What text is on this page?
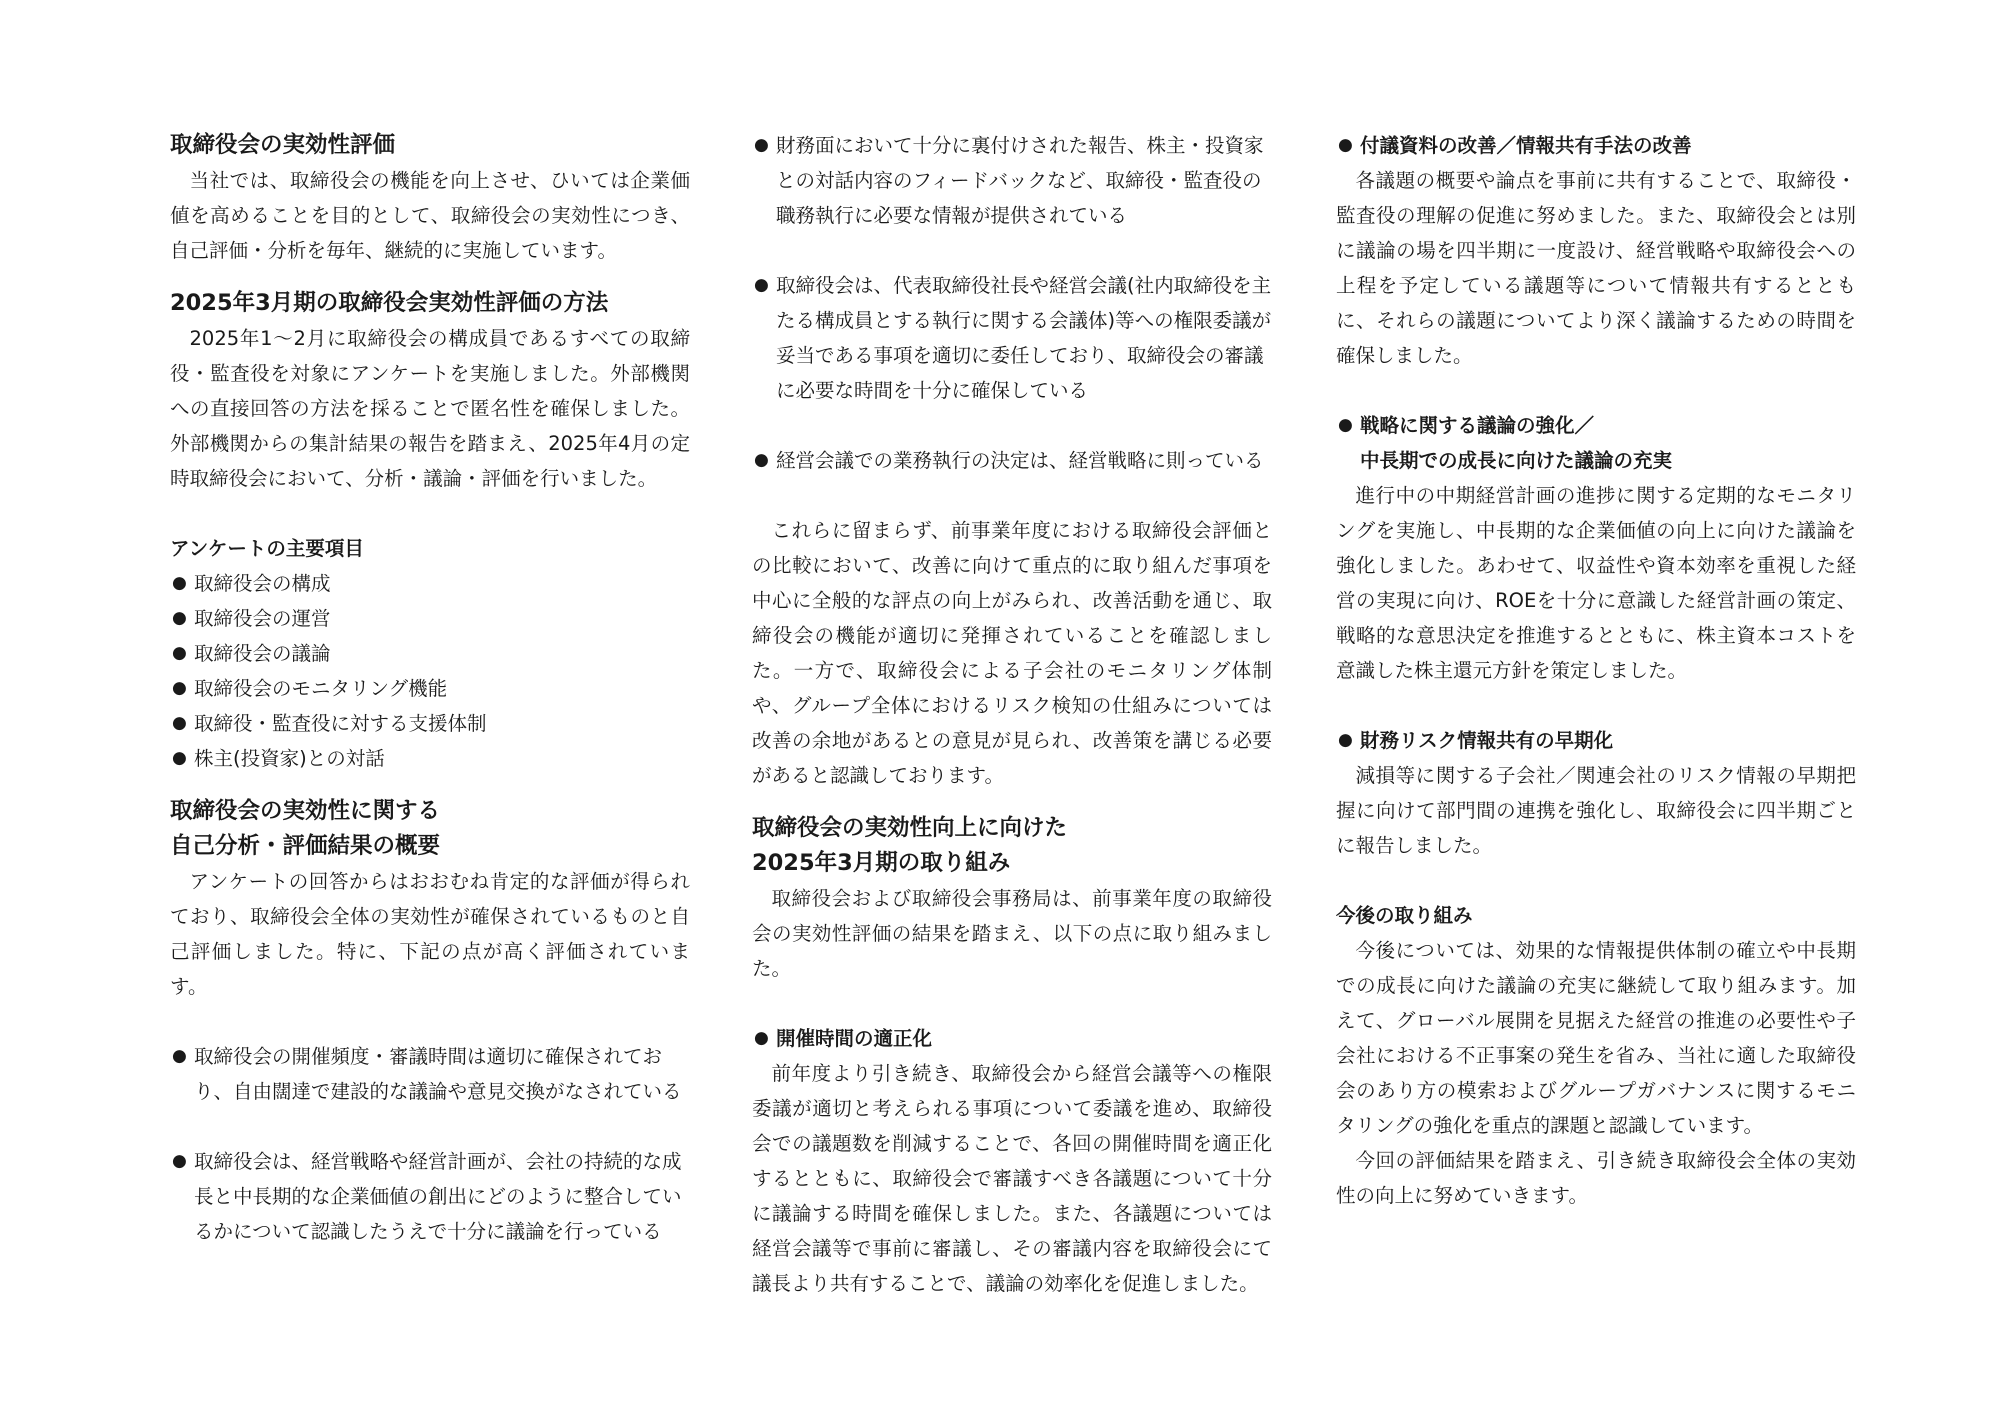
取締役会の実効性評価

当社では、取締役会の機能を向上させ、ひいては企業価値を高めることを目的として、取締役会の実効性につき、自己評価・分析を毎年、継続的に実施しています。

2025年3月期の取締役会実効性評価の方法

2025年1〜2月に取締役会の構成員であるすべての取締役・監査役を対象にアンケートを実施しました。外部機関への直接回答の方法を採ることで匿名性を確保しました。外部機関からの集計結果の報告を踏まえ、2025年4月の定時取締役会において、分析・議論・評価を行いました。

アンケートの主要項目
● 取締役会の構成
● 取締役会の運営
● 取締役会の議論
● 取締役会のモニタリング機能
● 取締役・監査役に対する支援体制
● 株主(投資家)との対話
取締役会の実効性に関する
自己分析・評価結果の概要

アンケートの回答からはおおむね肯定的な評価が得られており、取締役会全体の実効性が確保されているものと自己評価しました。特に、下記の点が高く評価されています。

● 取締役会の開催頻度・審議時間は適切に確保されており、自由闊達で建設的な議論や意見交換がなされている
● 取締役会は、経営戦略や経営計画が、会社の持続的な成長と中長期的な企業価値の創出にどのように整合しているかについて認識したうえで十分に議論を行っている
● 財務面において十分に裏付けされた報告、株主・投資家との対話内容のフィードバックなど、取締役・監査役の職務執行に必要な情報が提供されている
● 取締役会は、代表取締役社長や経営会議(社内取締役を主たる構成員とする執行に関する会議体)等への権限委議が妥当である事項を適切に委任しており、取締役会の審議に必要な時間を十分に確保している
● 経営会議での業務執行の決定は、経営戦略に則っている

これらに留まらず、前事業年度における取締役会評価との比較において、改善に向けて重点的に取り組んだ事項を中心に全般的な評点の向上がみられ、改善活動を通じ、取締役会の機能が適切に発揮されていることを確認しました。一方で、取締役会による子会社のモニタリング体制や、グループ全体におけるリスク検知の仕組みについては改善の余地があるとの意見が見られ、改善策を講じる必要があると認識しております。

取締役会の実効性向上に向けた
2025年3月期の取り組み

取締役会および取締役会事務局は、前事業年度の取締役会の実効性評価の結果を踏まえ、以下の点に取り組みました。

● 開催時間の適正化

前年度より引き続き、取締役会から経営会議等への権限委議が適切と考えられる事項について委議を進め、取締役会での議題数を削減することで、各回の開催時間を適正化するとともに、取締役会で審議すべき各議題について十分に議論する時間を確保しました。また、各議題については経営会議等で事前に審議し、その審議内容を取締役会にて議長より共有することで、議論の効率化を促進しました。

● 付議資料の改善／情報共有手法の改善

各議題の概要や論点を事前に共有することで、取締役・監査役の理解の促進に努めました。また、取締役会とは別に議論の場を四半期に一度設け、経営戦略や取締役会への上程を予定している議題等について情報共有するとともに、それらの議題についてより深く議論するための時間を確保しました。

● 戦略に関する議論の強化／
中長期での成長に向けた議論の充実

進行中の中期経営計画の進捗に関する定期的なモニタリングを実施し、中長期的な企業価値の向上に向けた議論を強化しました。あわせて、収益性や資本効率を重視した経営の実現に向け、ROEを十分に意識した経営計画の策定、戦略的な意思決定を推進するとともに、株主資本コストを意識した株主還元方針を策定しました。

● 財務リスク情報共有の早期化

減損等に関する子会社／関連会社のリスク情報の早期把握に向けて部門間の連携を強化し、取締役会に四半期ごとに報告しました。

今後の取り組み

今後については、効果的な情報提供体制の確立や中長期での成長に向けた議論の充実に継続して取り組みます。加えて、グローバル展開を見据えた経営の推進の必要性や子会社における不正事案の発生を省み、当社に適した取締役会のあり方の模索およびグループガバナンスに関するモニタリングの強化を重点的課題と認識しています。

今回の評価結果を踏まえ、引き続き取締役会全体の実効性の向上に努めていきます。
